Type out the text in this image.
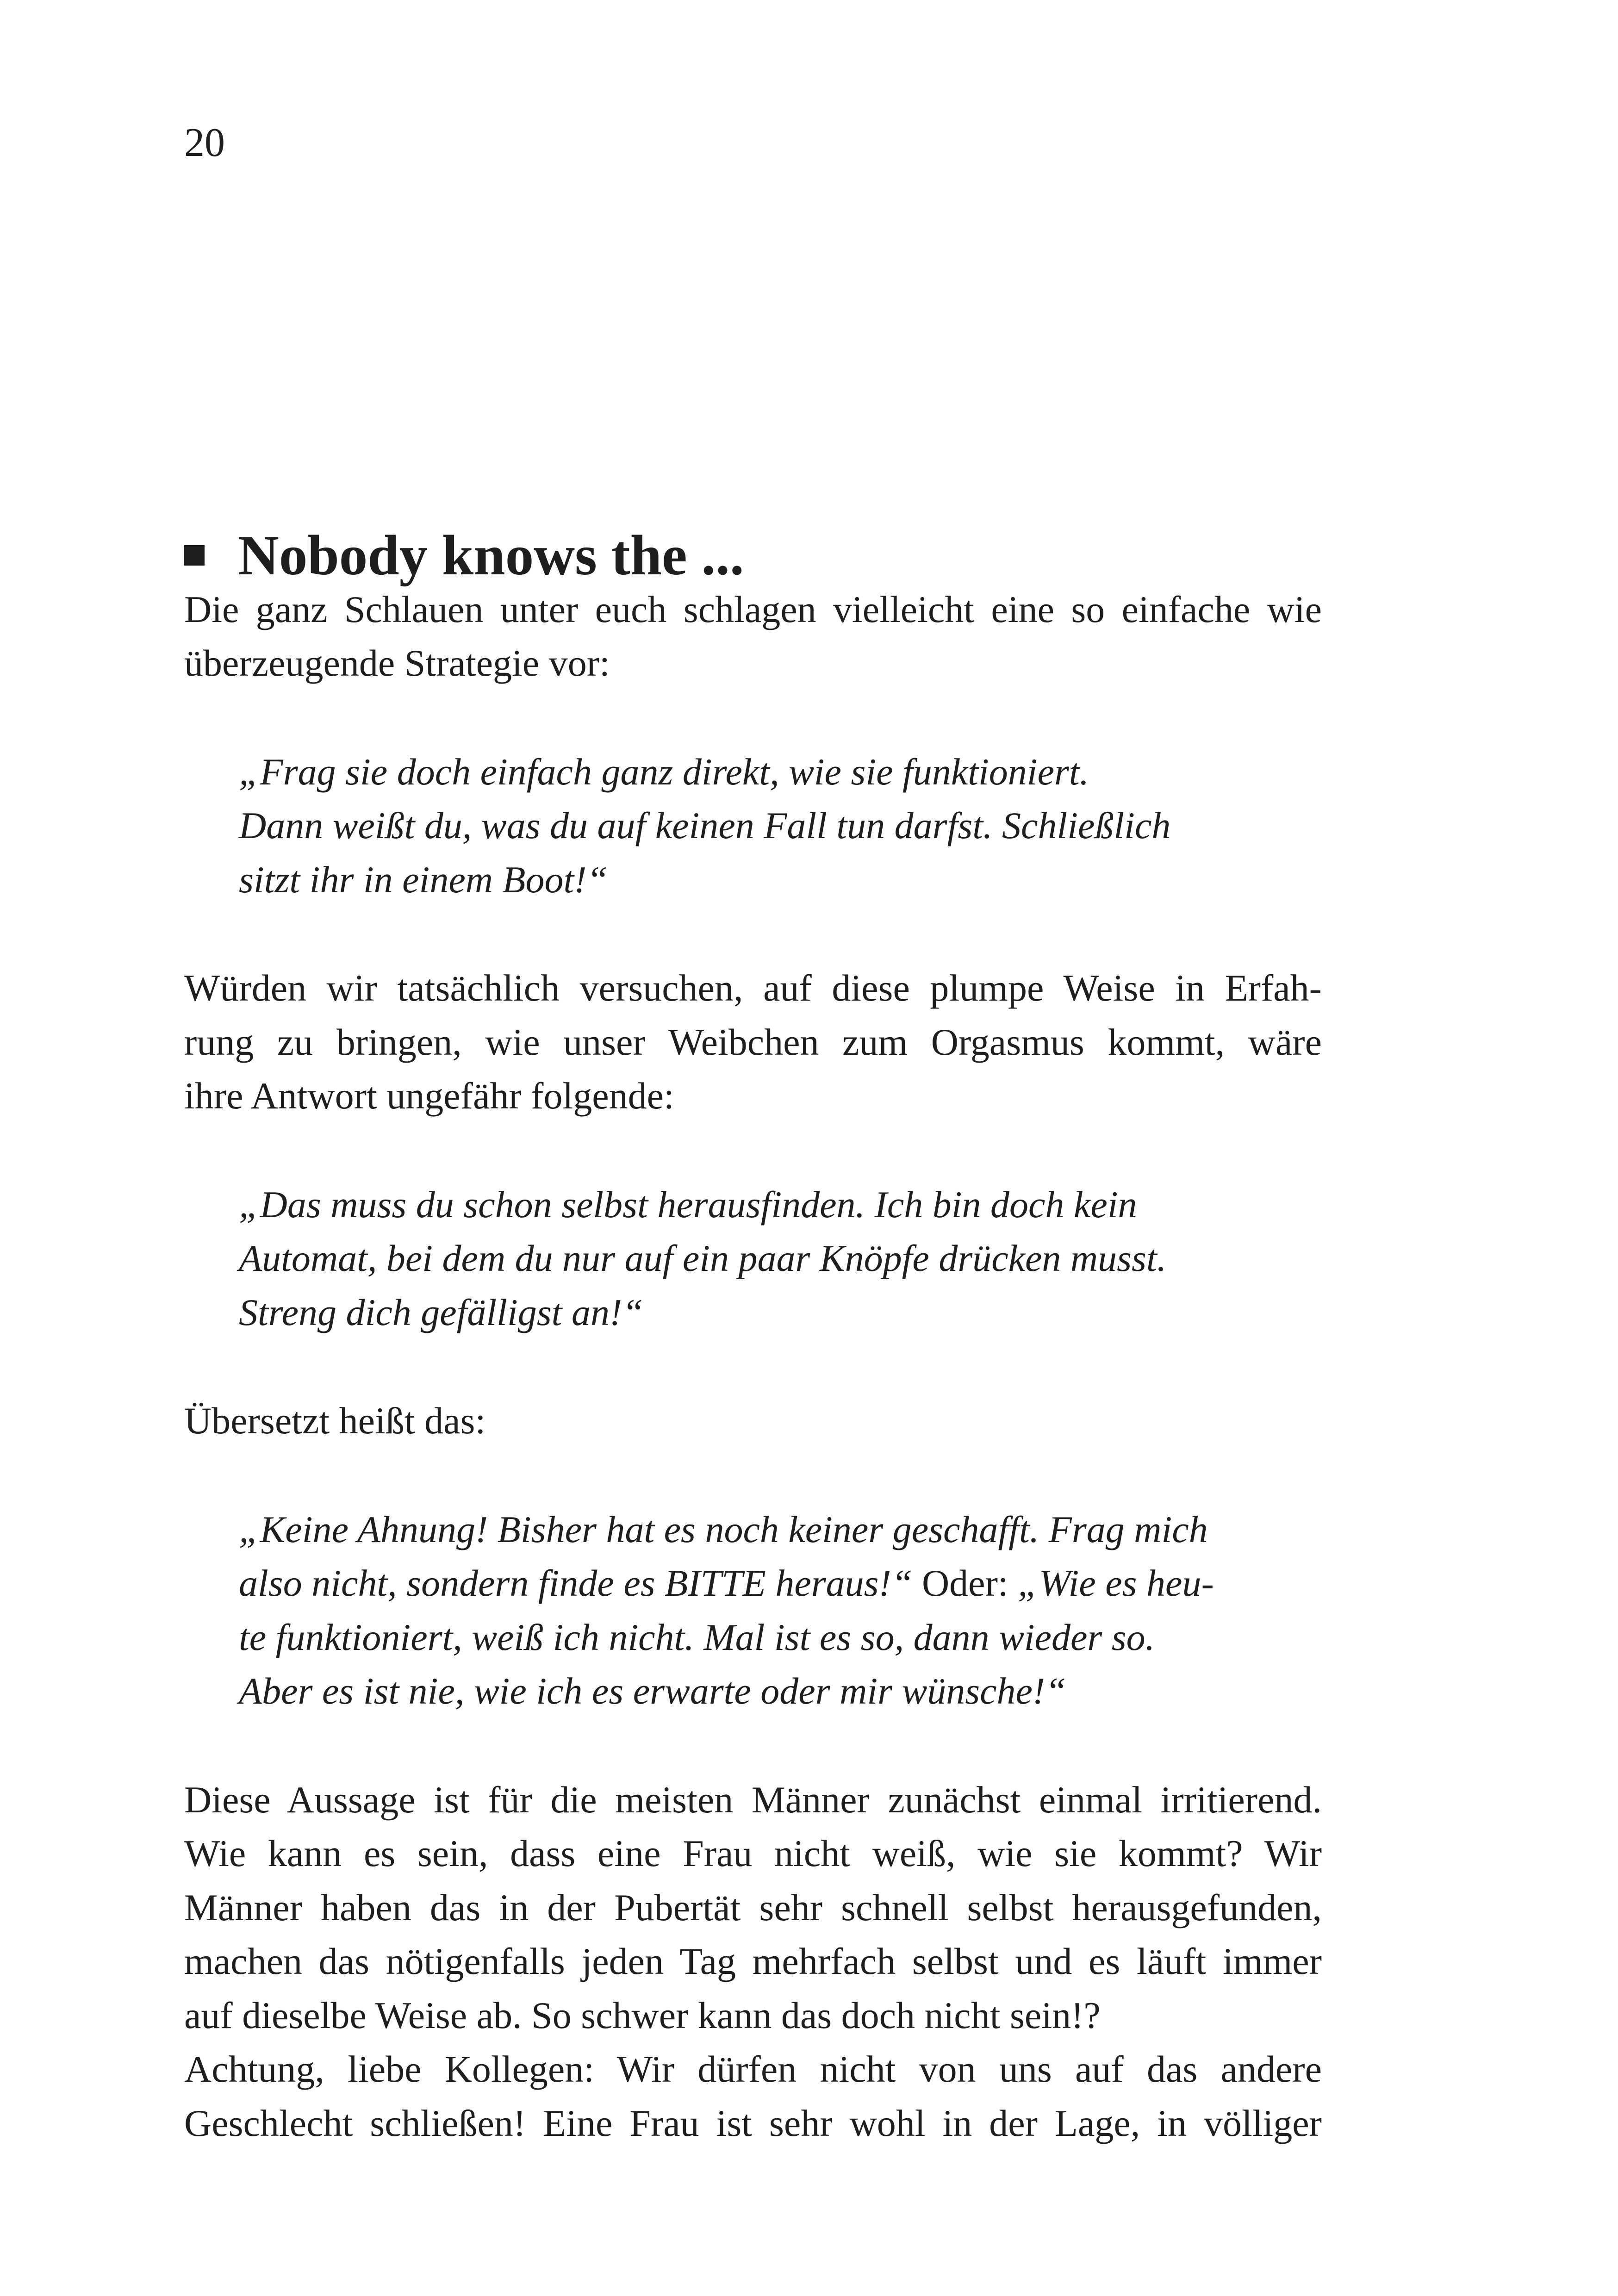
20

Nobody knows the ...

Die ganz Schlauen unter euch schlagen vielleicht eine so einfache wie
überzeugende Strategie vor:

„Frag sie doch einfach ganz direkt, wie sie funktioniert.
Dann weißt du, was du auf keinen Fall tun darfst. Schließlich
sitzt ihr in einem Boot!“

Würden wir tatsächlich versuchen, auf diese plumpe Weise in Erfah-
rung zu bringen, wie unser Weibchen zum Orgasmus kommt, wäre
ihre Antwort ungefähr folgende:

„Das muss du schon selbst herausfinden. Ich bin doch kein
Automat, bei dem du nur auf ein paar Knöpfe drücken musst.
Streng dich gefälligst an!“

Übersetzt heißt das:

„Keine Ahnung! Bisher hat es noch keiner geschafft. Frag mich
also nicht, sondern finde es BITTE heraus!“ Oder: „Wie es heu-
te funktioniert, weiß ich nicht. Mal ist es so, dann wieder so.
Aber es ist nie, wie ich es erwarte oder mir wünsche!“

Diese Aussage ist für die meisten Männer zunächst einmal irritierend.
Wie kann es sein, dass eine Frau nicht weiß, wie sie kommt? Wir
Männer haben das in der Pubertät sehr schnell selbst herausgefunden,
machen das nötigenfalls jeden Tag mehrfach selbst und es läuft immer
auf dieselbe Weise ab. So schwer kann das doch nicht sein!?
Achtung, liebe Kollegen: Wir dürfen nicht von uns auf das andere
Geschlecht schließen! Eine Frau ist sehr wohl in der Lage, in völliger
